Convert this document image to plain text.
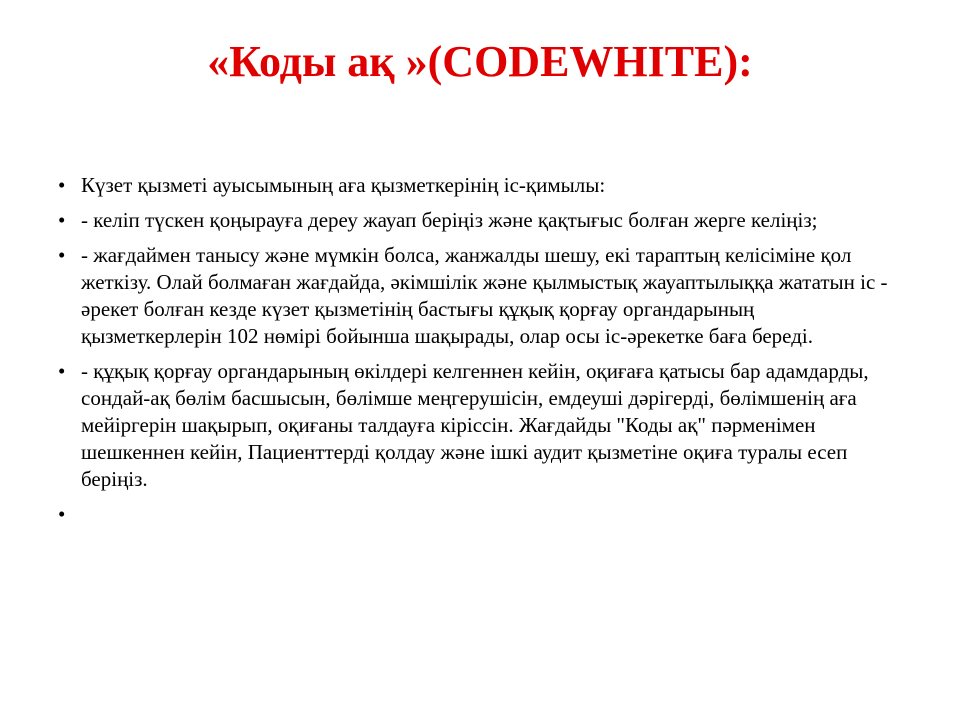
«Коды ақ »(CODEWHITE):
• Күзет қызметі ауысымының аға қызметкерінің іс-қимылы:
• - келіп түскен қоңырауға дереу жауап беріңіз және қақтығыс болған жерге келіңіз;
• - жағдаймен танысу және мүмкін болса, жанжалды шешу, екі тараптың келісіміне қол жеткізу. Олай болмаған жағдайда, әкімшілік және қылмыстық жауаптылыққа жататын іс - әрекет болған кезде күзет қызметінің бастығы құқық қорғау органдарының қызметкерлерін 102 нөмірі бойынша шақырады, олар осы іс-әрекетке баға береді.
• - құқық қорғау органдарының өкілдері келгеннен кейін, оқиғаға қатысы бар адамдарды, сондай-ақ бөлім басшысын, бөлімше меңгерушісін, емдеуші дәрігерді, бөлімшенің аға мейіргерін шақырып, оқиғаны талдауға кіріссін. Жағдайды "Коды ақ" пәрменімен шешкеннен кейін, Пациенттерді қолдау және ішкі аудит қызметіне оқиға туралы есеп беріңіз.
•
